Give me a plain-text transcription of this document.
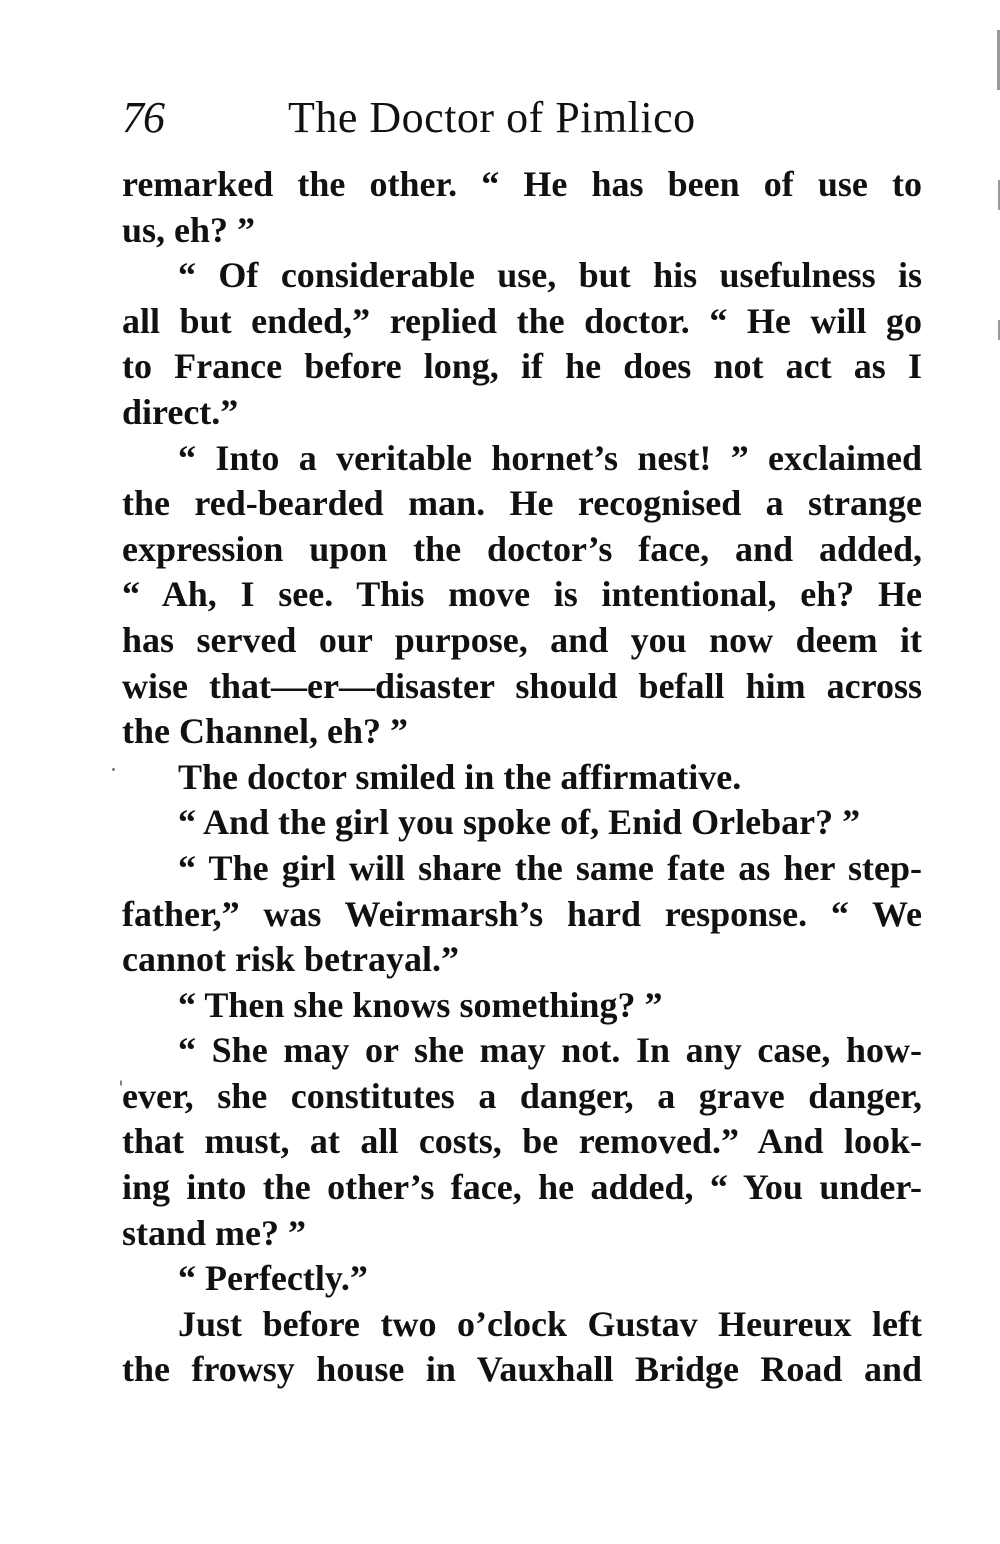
76	The Doctor of Pimlico
remarked the other. “ He has been of use to
us, eh? ”
“ Of considerable use, but his usefulness is
all but ended,” replied the doctor. “ He will go
to France before long, if he does not act as I
direct.”
“ Into a veritable hornet’s nest! ” exclaimed
the red-bearded man. He recognised a strange
expression upon the doctor’s face, and added,
“ Ah, I see. This move is intentional, eh? He
has served our purpose, and you now deem it
wise that—er—disaster should befall him across
the Channel, eh? ”
The doctor smiled in the affirmative.
“ And the girl you spoke of, Enid Orlebar? ”
“ The girl will share the same fate as her step-
father,” was Weirmarsh’s hard response. “ We
cannot risk betrayal.”
“ Then she knows something? ”
“ She may or she may not. In any case, how-
ever, she constitutes a danger, a grave danger,
that must, at all costs, be removed.” And look-
ing into the other’s face, he added, “ You under-
stand me? ”
“ Perfectly.”
Just before two o’clock Gustav Heureux left
the frowsy house in Vauxhall Bridge Road and
